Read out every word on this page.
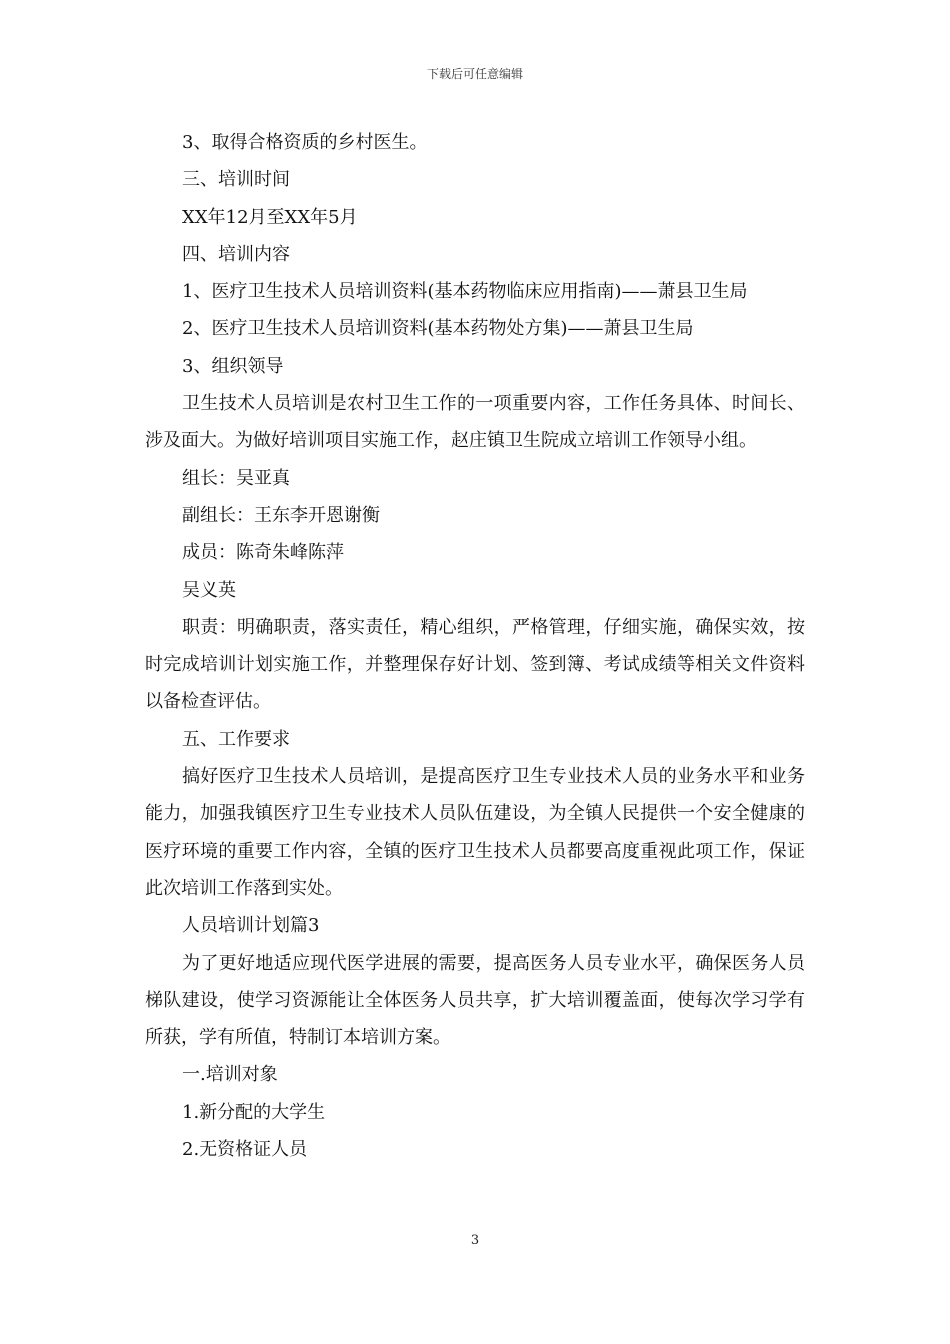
下载后可任意编辑

3、取得合格资质的乡村医生。

三、培训时间

XX年12月至XX年5月

四、培训内容

1、医疗卫生技术人员培训资料(基本药物临床应用指南)——萧县卫生局

2、医疗卫生技术人员培训资料(基本药物处方集)——萧县卫生局

3、组织领导

卫生技术人员培训是农村卫生工作的一项重要内容，工作任务具体、时间长、涉及面大。为做好培训项目实施工作，赵庄镇卫生院成立培训工作领导小组。

组长：吴亚真

副组长：王东李开恩谢衡

成员：陈奇朱峰陈萍

吴义英

职责：明确职责，落实责任，精心组织，严格管理，仔细实施，确保实效，按时完成培训计划实施工作，并整理保存好计划、签到簿、考试成绩等相关文件资料以备检查评估。

五、工作要求

搞好医疗卫生技术人员培训，是提高医疗卫生专业技术人员的业务水平和业务能力，加强我镇医疗卫生专业技术人员队伍建设，为全镇人民提供一个安全健康的医疗环境的重要工作内容，全镇的医疗卫生技术人员都要高度重视此项工作，保证此次培训工作落到实处。

人员培训计划篇3

为了更好地适应现代医学进展的需要，提高医务人员专业水平，确保医务人员梯队建设，使学习资源能让全体医务人员共享，扩大培训覆盖面，使每次学习学有所获，学有所值，特制订本培训方案。

一.培训对象

1.新分配的大学生

2.无资格证人员

3
